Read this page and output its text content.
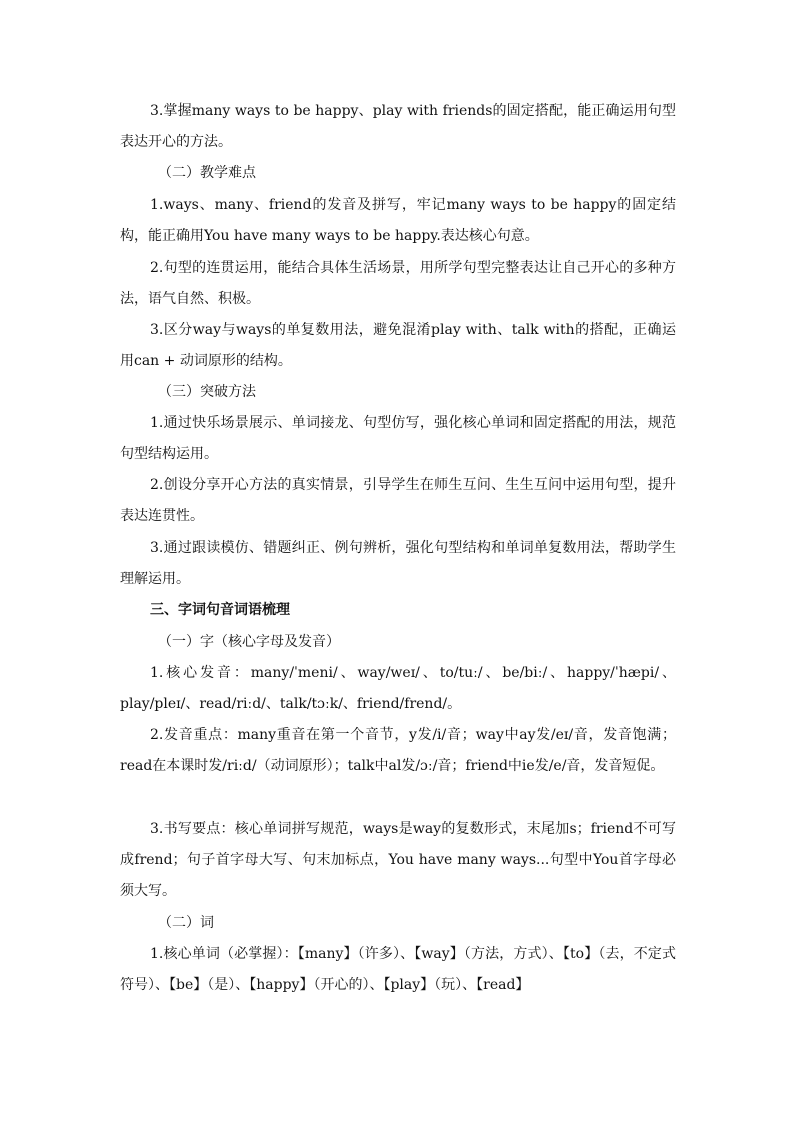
3.掌握many ways to be happy、play with friends的固定搭配，能正确运用句型表达开心的方法。

（二）教学难点

1.ways、many、friend的发音及拼写，牢记many ways to be happy的固定结构，能正确用You have many ways to be happy.表达核心句意。

2.句型的连贯运用，能结合具体生活场景，用所学句型完整表达让自己开心的多种方法，语气自然、积极。

3.区分way与ways的单复数用法，避免混淆play with、talk with的搭配，正确运用can + 动词原形的结构。

（三）突破方法

1.通过快乐场景展示、单词接龙、句型仿写，强化核心单词和固定搭配的用法，规范句型结构运用。

2.创设分享开心方法的真实情景，引导学生在师生互问、生生互问中运用句型，提升表达连贯性。

3.通过跟读模仿、错题纠正、例句辨析，强化句型结构和单词单复数用法，帮助学生理解运用。

三、字词句音词语梳理

（一）字（核心字母及发音）

1.核心发音：many/ˈmeni/、way/weɪ/、to/tuː/、be/biː/、happy/ˈhæpi/、play/pleɪ/、read/riːd/、talk/tɔːk/、friend/frend/。

2.发音重点：many重音在第一个音节，y发/i/音；way中ay发/eɪ/音，发音饱满；read在本课时发/riːd/（动词原形）；talk中al发/ɔː/音；friend中ie发/e/音，发音短促。

3.书写要点：核心单词拼写规范，ways是way的复数形式，末尾加s；friend不可写成frend；句子首字母大写、句末加标点，You have many ways...句型中You首字母必须大写。

（二）词

1.核心单词（必掌握）：【many】（许多）、【way】（方法，方式）、【to】（去，不定式符号）、【be】（是）、【happy】（开心的）、【play】（玩）、【read】
